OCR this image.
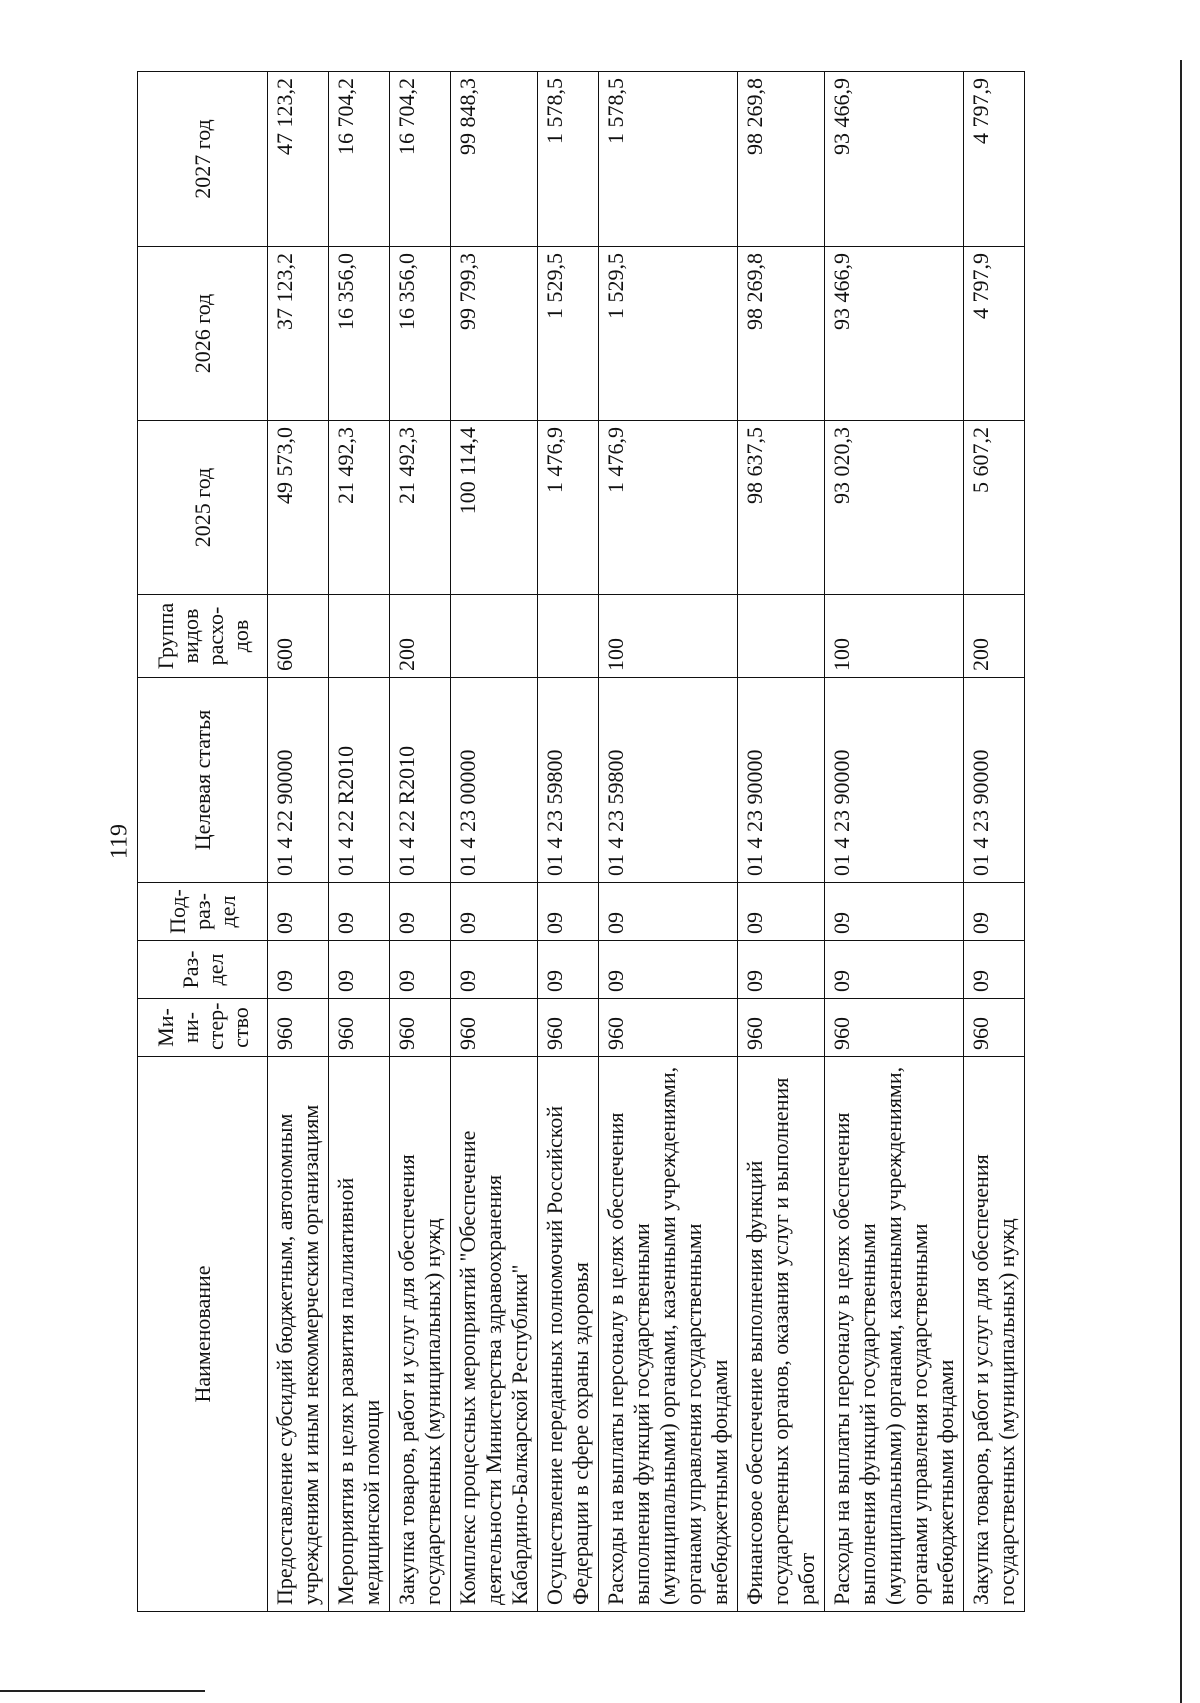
119
Наименование	Ми-ни-стер-ство	Раз-дел	Под-раз-дел	Целевая статья	Группа видов расхо-дов	2025 год	2026 год	2027 год
Предоставление субсидий бюджетным, автономным учреждениям и иным некоммерческим организациям	960	09	09	01 4 22 90000	600	49 573,0	37 123,2	47 123,2
Мероприятия в целях развития паллиативной медицинской помощи	960	09	09	01 4 22 R2010		21 492,3	16 356,0	16 704,2
Закупка товаров, работ и услуг для обеспечения государственных (муниципальных) нужд	960	09	09	01 4 22 R2010	200	21 492,3	16 356,0	16 704,2
Комплекс процессных мероприятий "Обеспечение деятельности Министерства здравоохранения Кабардино-Балкарской Республики"	960	09	09	01 4 23 00000		100 114,4	99 799,3	99 848,3
Осуществление переданных полномочий Российской Федерации в сфере охраны здоровья	960	09	09	01 4 23 59800		1 476,9	1 529,5	1 578,5
Расходы на выплаты персоналу в целях обеспечения выполнения функций государственными (муниципальными) органами, казенными учреждениями, органами управления государственными внебюджетными фондами	960	09	09	01 4 23 59800	100	1 476,9	1 529,5	1 578,5
Финансовое обеспечение выполнения функций государственных органов, оказания услуг и выполнения работ	960	09	09	01 4 23 90000		98 637,5	98 269,8	98 269,8
Расходы на выплаты персоналу в целях обеспечения выполнения функций государственными (муниципальными) органами, казенными учреждениями, органами управления государственными внебюджетными фондами	960	09	09	01 4 23 90000	100	93 020,3	93 466,9	93 466,9
Закупка товаров, работ и услуг для обеспечения государственных (муниципальных) нужд	960	09	09	01 4 23 90000	200	5 607,2	4 797,9	4 797,9
